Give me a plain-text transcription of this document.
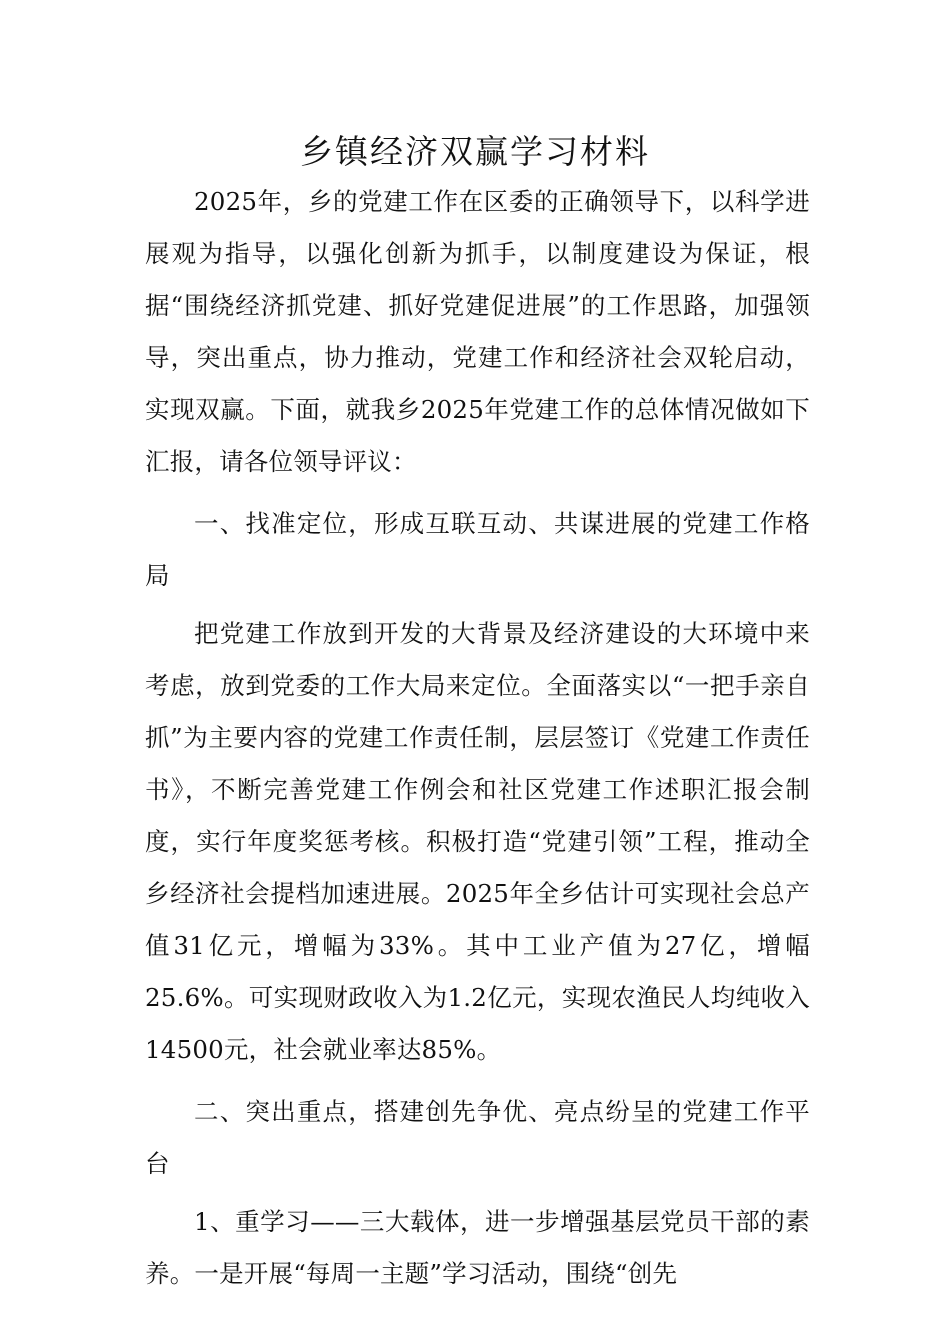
乡镇经济双赢学习材料

2025年，乡的党建工作在区委的正确领导下，以科学进展观为指导，以强化创新为抓手，以制度建设为保证，根据“围绕经济抓党建、抓好党建促进展”的工作思路，加强领导，突出重点，协力推动，党建工作和经济社会双轮启动，实现双赢。下面，就我乡2025年党建工作的总体情况做如下汇报，请各位领导评议：

一、找准定位，形成互联互动、共谋进展的党建工作格局

把党建工作放到开发的大背景及经济建设的大环境中来考虑，放到党委的工作大局来定位。全面落实以“一把手亲自抓”为主要内容的党建工作责任制，层层签订《党建工作责任书》，不断完善党建工作例会和社区党建工作述职汇报会制度，实行年度奖惩考核。积极打造“党建引领”工程，推动全乡经济社会提档加速进展。2025年全乡估计可实现社会总产值31亿元，增幅为33%。其中工业产值为27亿，增幅25.6%。可实现财政收入为1.2亿元，实现农渔民人均纯收入14500元，社会就业率达85%。

二、突出重点，搭建创先争优、亮点纷呈的党建工作平台

1、重学习——三大载体，进一步增强基层党员干部的素养。一是开展“每周一主题”学习活动，围绕“创先
